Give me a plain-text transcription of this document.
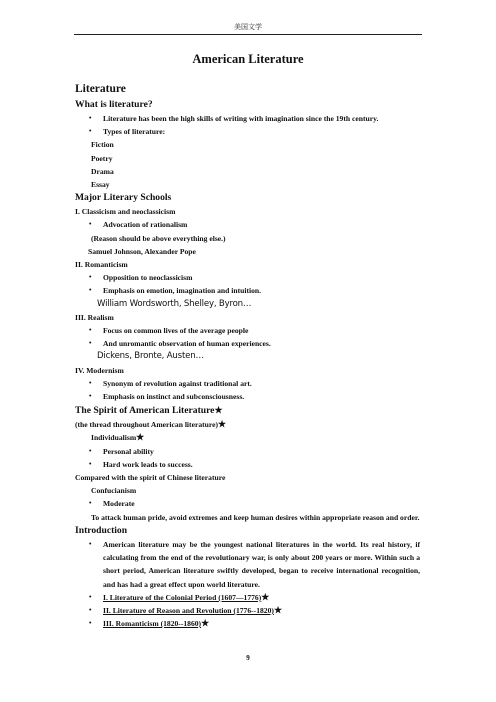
美国文学
American Literature
Literature
What is literature?
• Literature has been the high skills of writing with imagination since the 19th century.
• Types of literature:
Fiction
Poetry
Drama
Essay
Major Literary Schools
I. Classicism and neoclassicism
• Advocation of rationalism
(Reason should be above everything else.)
Samuel Johnson, Alexander Pope
II. Romanticism
• Opposition to neoclassicism
• Emphasis on emotion, imagination and intuition.
William Wordsworth, Shelley, Byron…
III. Realism
• Focus on common lives of the average people
• And unromantic observation of human experiences.
Dickens, Bronte, Austen…
IV. Modernism
• Synonym of revolution against traditional art.
• Emphasis on instinct and subconsciousness.
The Spirit of American Literature★
(the thread throughout American literature)★
Individualism★
• Personal ability
• Hard work leads to success.
Compared with the spirit of Chinese literature
Confucianism
• Moderate
To attack human pride, avoid extremes and keep human desires within appropriate reason and order.
Introduction
• American literature may be the youngest national literatures in the world. Its real history, if calculating from the end of the revolutionary war, is only about 200 years or more. Within such a short period, American literature swiftly developed, began to receive international recognition, and has had a great effect upon world literature.
• I. Literature of the Colonial Period (1607—1776)★
• II. Literature of Reason and Revolution (1776--1820)★
• III. Romanticism (1820--1860)★
9
